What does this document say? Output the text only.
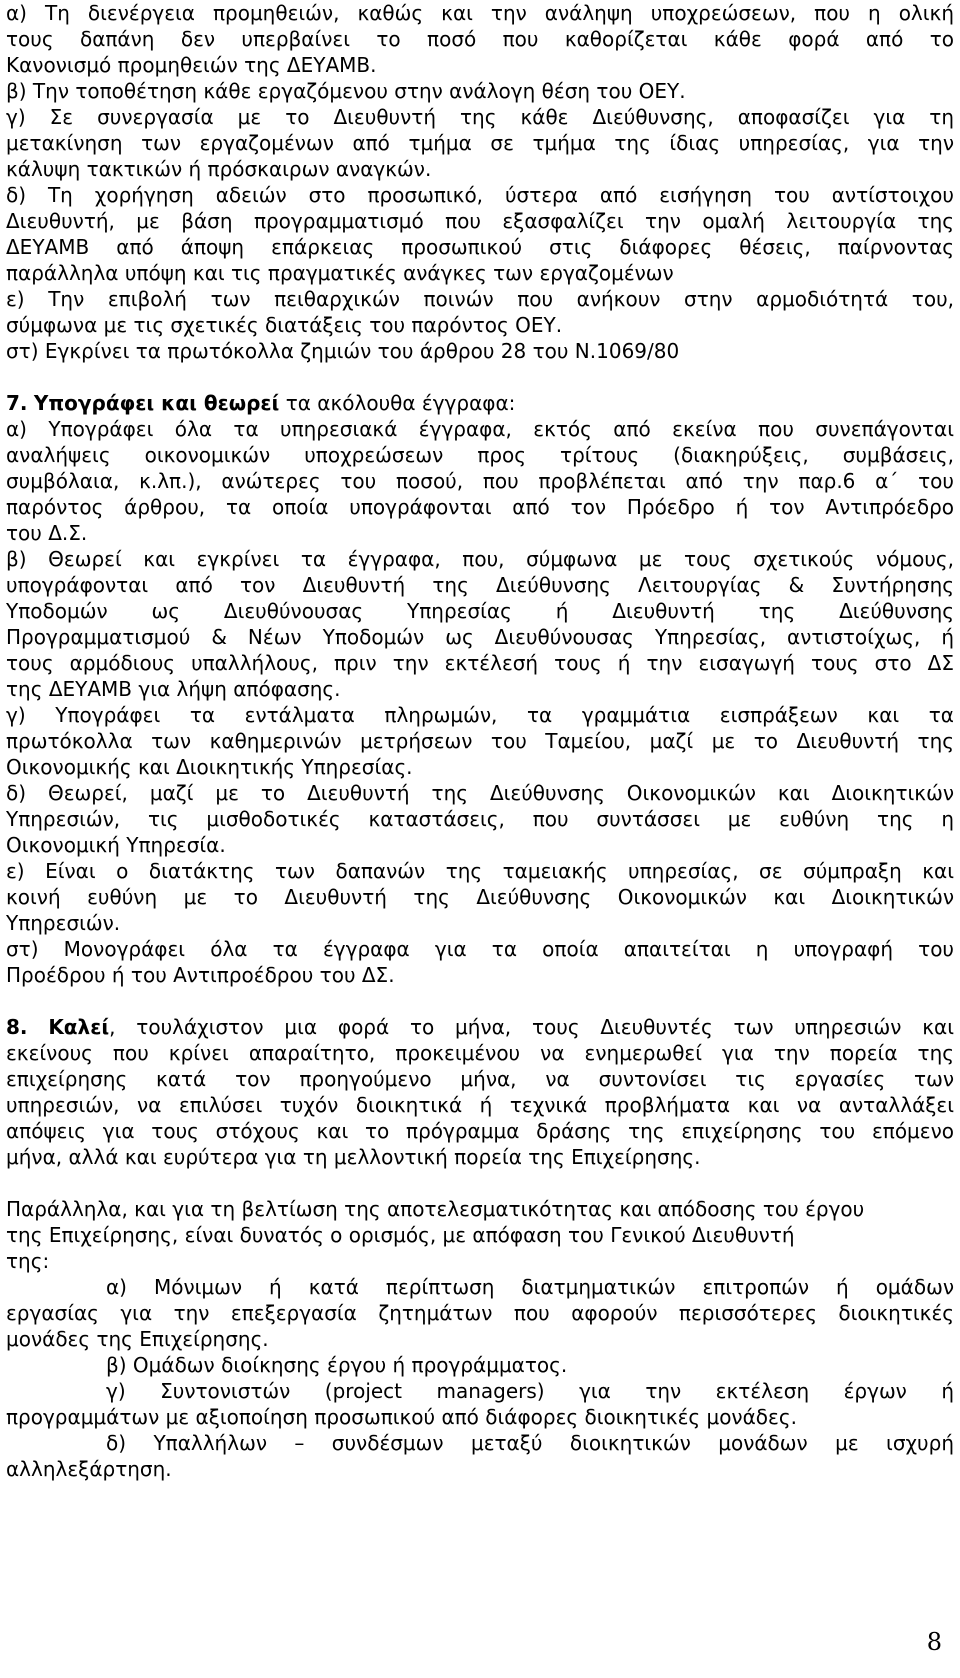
α) Τη διενέργεια προμηθειών, καθώς και την ανάληψη υποχρεώσεων, που η ολική
τους δαπάνη δεν υπερβαίνει το ποσό που καθορίζεται κάθε φορά από το
Κανονισμό προμηθειών της ΔΕΥΑΜΒ.
β) Την τοποθέτηση κάθε εργαζόμενου στην ανάλογη θέση του ΟΕΥ.
γ) Σε συνεργασία με το Διευθυντή της κάθε Διεύθυνσης, αποφασίζει για τη
μετακίνηση των εργαζομένων από τμήμα σε τμήμα της ίδιας υπηρεσίας, για την
κάλυψη τακτικών ή πρόσκαιρων αναγκών.
δ) Τη χορήγηση αδειών στο προσωπικό, ύστερα από εισήγηση του αντίστοιχου
Διευθυντή, με βάση προγραμματισμό που εξασφαλίζει την ομαλή λειτουργία της
ΔΕΥΑΜΒ από άποψη επάρκειας προσωπικού στις διάφορες θέσεις, παίρνοντας
παράλληλα υπόψη και τις πραγματικές ανάγκες των εργαζομένων
ε) Την επιβολή των πειθαρχικών ποινών που ανήκουν στην αρμοδιότητά του,
σύμφωνα με τις σχετικές διατάξεις του παρόντος ΟΕΥ.
στ) Εγκρίνει τα πρωτόκολλα ζημιών του άρθρου 28 του Ν.1069/80
7. Υπογράφει και θεωρεί τα ακόλουθα έγγραφα:
α) Υπογράφει όλα τα υπηρεσιακά έγγραφα, εκτός από εκείνα που συνεπάγονται
αναλήψεις οικονομικών υποχρεώσεων προς τρίτους (διακηρύξεις, συμβάσεις,
συμβόλαια, κ.λπ.), ανώτερες του ποσού, που προβλέπεται από την παρ.6 α΄ του
παρόντος άρθρου, τα οποία υπογράφονται από τον Πρόεδρο ή τον Αντιπρόεδρο
του Δ.Σ.
β) Θεωρεί και εγκρίνει τα έγγραφα, που, σύμφωνα με τους σχετικούς νόμους,
υπογράφονται από τον Διευθυντή της Διεύθυνσης Λειτουργίας & Συντήρησης
Υποδομών ως Διευθύνουσας Υπηρεσίας ή Διευθυντή της Διεύθυνσης
Προγραμματισμού & Νέων Υποδομών ως Διευθύνουσας Υπηρεσίας, αντιστοίχως, ή
τους αρμόδιους υπαλλήλους, πριν την εκτέλεσή τους ή την εισαγωγή τους στο ΔΣ
της ΔΕΥΑΜΒ για λήψη απόφασης.
γ) Υπογράφει τα εντάλματα πληρωμών, τα γραμμάτια εισπράξεων και τα
πρωτόκολλα των καθημερινών μετρήσεων του Ταμείου, μαζί με το Διευθυντή της
Οικονομικής και Διοικητικής Υπηρεσίας.
δ) Θεωρεί, μαζί με το Διευθυντή της Διεύθυνσης Οικονομικών και Διοικητικών
Υπηρεσιών, τις μισθοδοτικές καταστάσεις, που συντάσσει με ευθύνη της η
Οικονομική Υπηρεσία.
ε) Είναι ο διατάκτης των δαπανών της ταμειακής υπηρεσίας, σε σύμπραξη και
κοινή ευθύνη με το Διευθυντή της Διεύθυνσης Οικονομικών και Διοικητικών
Υπηρεσιών.
στ) Μονογράφει όλα τα έγγραφα για τα οποία απαιτείται η υπογραφή του
Προέδρου ή του Αντιπροέδρου του ΔΣ.
8. Καλεί, τουλάχιστον μια φορά το μήνα, τους Διευθυντές των υπηρεσιών και
εκείνους που κρίνει απαραίτητο, προκειμένου να ενημερωθεί για την πορεία της
επιχείρησης κατά τον προηγούμενο μήνα, να συντονίσει τις εργασίες των
υπηρεσιών, να επιλύσει τυχόν διοικητικά ή τεχνικά προβλήματα και να ανταλλάξει
απόψεις για τους στόχους και το πρόγραμμα δράσης της επιχείρησης του επόμενο
μήνα, αλλά και ευρύτερα για τη μελλοντική πορεία της Επιχείρησης.
Παράλληλα, και για τη βελτίωση της αποτελεσματικότητας και απόδοσης του έργου
της Επιχείρησης, είναι δυνατός ο ορισμός, με απόφαση του Γενικού Διευθυντή
της:
α) Μόνιμων ή κατά περίπτωση διατμηματικών επιτροπών ή ομάδων
εργασίας για την επεξεργασία ζητημάτων που αφορούν περισσότερες διοικητικές
μονάδες της Επιχείρησης.
β) Ομάδων διοίκησης έργου ή προγράμματος.
γ) Συντονιστών (project managers) για την εκτέλεση έργων ή
προγραμμάτων με αξιοποίηση προσωπικού από διάφορες διοικητικές μονάδες.
δ) Υπαλλήλων – συνδέσμων μεταξύ διοικητικών μονάδων με ισχυρή
αλληλεξάρτηση.
8
